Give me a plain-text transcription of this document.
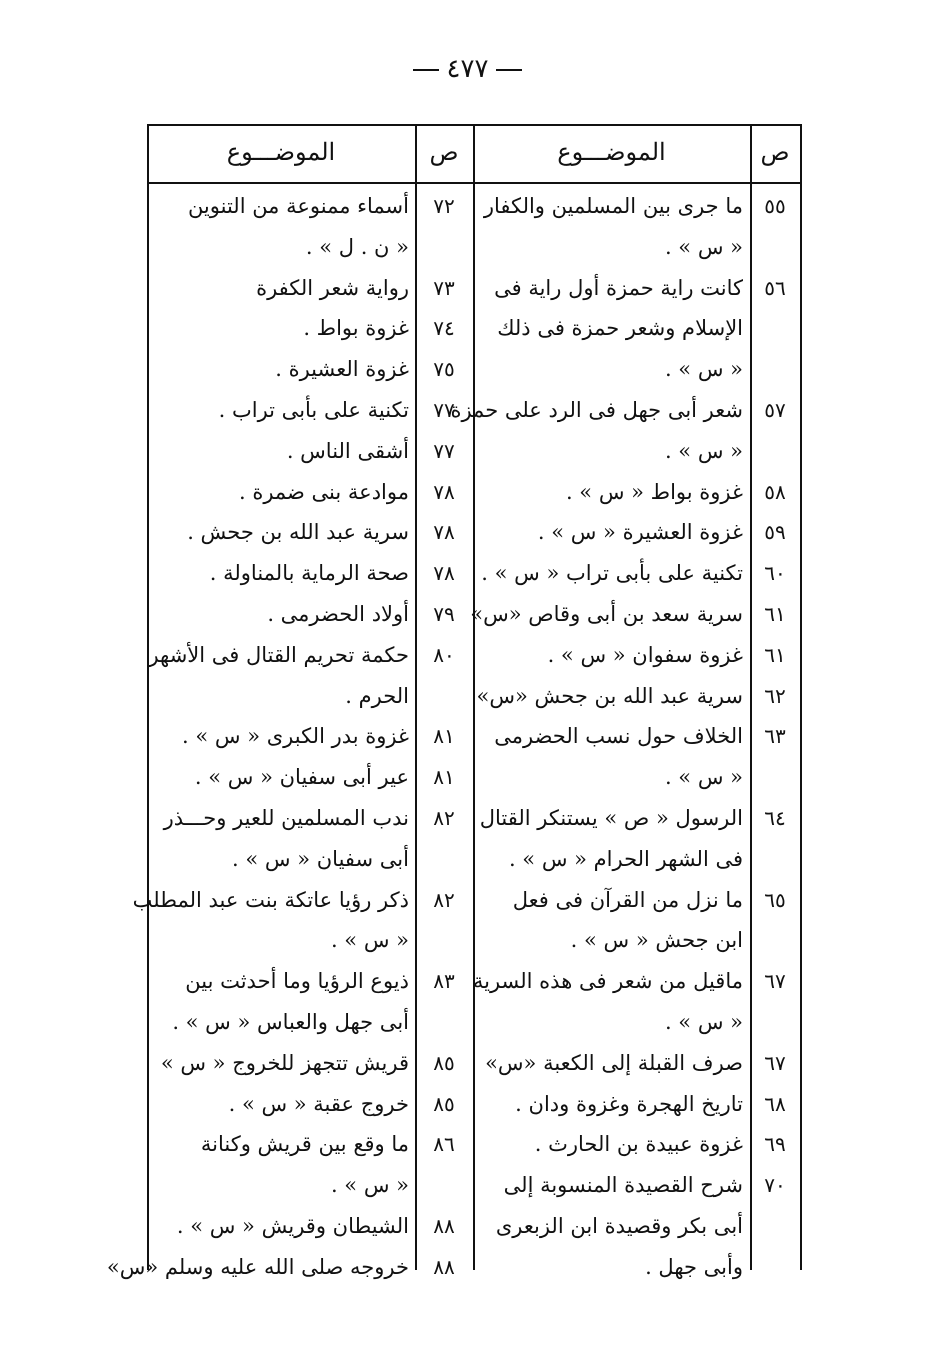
٤٧٧
ص
الموضـــوع
ص
الموضـــوع
٥٥
ما جرى بين المسلمين والكفار
« س » .
٥٦
كانت راية حمزة أول راية فى
الإسلام وشعر حمزة فى ذلك
« س » .
٥٧
شعر أبى جهل فى الرد على حمزة
« س » .
٥٨
غزوة بواط « س » .
٥٩
غزوة العشيرة « س » .
٦٠
تكنية على بأبى تراب « س » .
٦١
سرية سعد بن أبى وقاص «س»
٦١
غزوة سفوان « س » .
٦٢
سرية عبد الله بن جحش «س»
٦٣
الخلاف حول نسب الحضرمى
« س » .
٦٤
الرسول « ص » يستنكر القتال
فى الشهر الحرام « س » .
٦٥
ما نزل من القرآن فى فعل
ابن جحش « س » .
٦٧
ماقيل من شعر فى هذه السرية
« س » .
٦٧
صرف القبلة إلى الكعبة «س»
٦٨
تاريخ الهجرة وغزوة ودان .
٦٩
غزوة عبيدة بن الحارث .
٧٠
شرح القصيدة المنسوبة إلى
أبى بكر وقصيدة ابن الزبعرى
وأبى جهل .
٧٢
أسماء ممنوعة من التنوين
« ن . ل » .
٧٣
رواية شعر الكفرة
٧٤
غزوة بواط .
٧٥
غزوة العشيرة .
٧٧
تكنية على بأبى تراب .
٧٧
أشقى الناس .
٧٨
موادعة بنى ضمرة .
٧٨
سرية عبد الله بن جحش .
٧٨
صحة الرماية بالمناولة .
٧٩
أولاد الحضرمى .
٨٠
حكمة تحريم القتال فى الأشهر
الحرم .
٨١
غزوة بدر الكبرى « س » .
٨١
عير أبى سفيان « س » .
٨٢
ندب المسلمين للعير وحـــذر
أبى سفيان « س » .
٨٢
ذكر رؤيا عاتكة بنت عبد المطلب
« س » .
٨٣
ذيوع الرؤيا وما أحدثت بين
أبى جهل والعباس « س » .
٨٥
قريش تتجهز للخروج « س »
٨٥
خروج عقبة « س » .
٨٦
ما وقع بين قريش وكنانة
« س » .
٨٨
الشيطان وقريش « س » .
٨٨
خروجه صلى الله عليه وسلم «س»
